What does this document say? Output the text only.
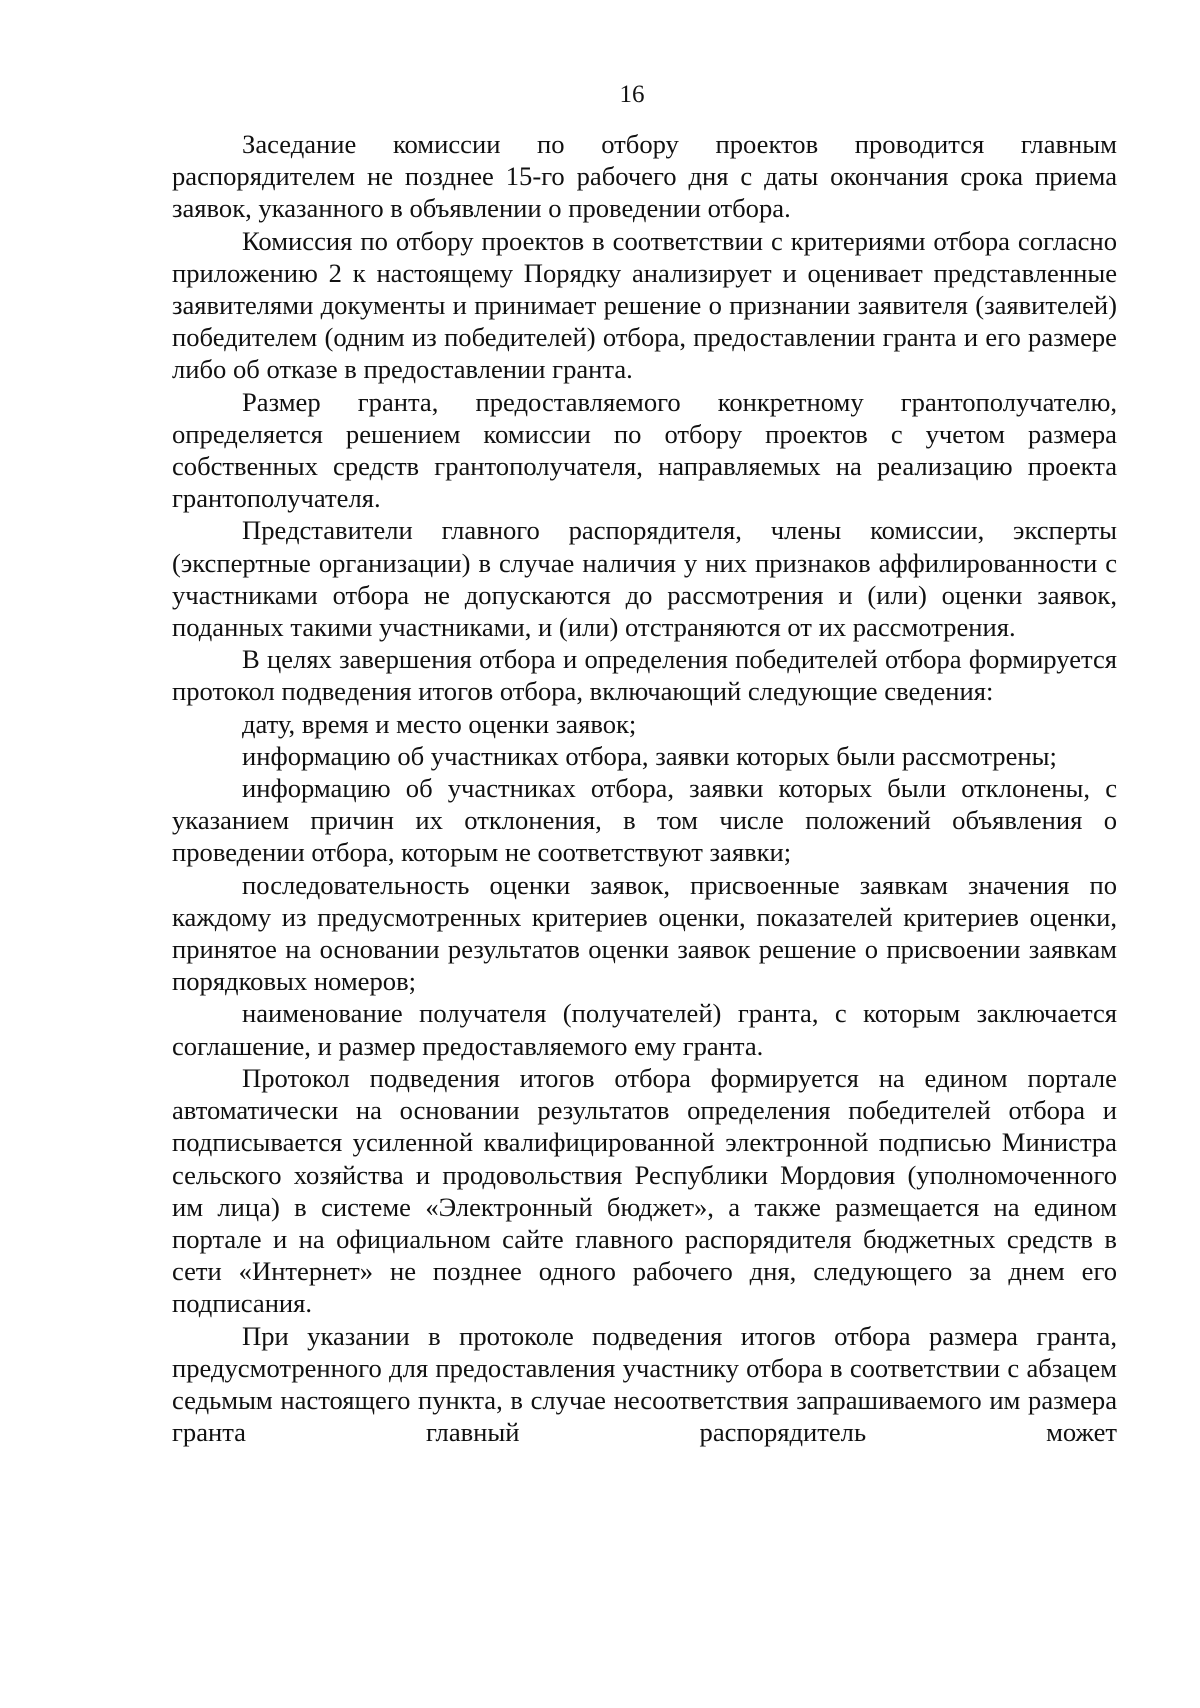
16

Заседание комиссии по отбору проектов проводится главным распорядителем не позднее 15-го рабочего дня с даты окончания срока приема заявок, указанного в объявлении о проведении отбора.

Комиссия по отбору проектов в соответствии с критериями отбора согласно приложению 2 к настоящему Порядку анализирует и оценивает представленные заявителями документы и принимает решение о признании заявителя (заявителей) победителем (одним из победителей) отбора, предоставлении гранта и его размере либо об отказе в предоставлении гранта.

Размер гранта, предоставляемого конкретному грантополучателю, определяется решением комиссии по отбору проектов с учетом размера собственных средств грантополучателя, направляемых на реализацию проекта грантополучателя.

Представители главного распорядителя, члены комиссии, эксперты (экспертные организации) в случае наличия у них признаков аффилированности с участниками отбора не допускаются до рассмотрения и (или) оценки заявок, поданных такими участниками, и (или) отстраняются от их рассмотрения.

В целях завершения отбора и определения победителей отбора формируется протокол подведения итогов отбора, включающий следующие сведения:

дату, время и место оценки заявок;

информацию об участниках отбора, заявки которых были рассмотрены;

информацию об участниках отбора, заявки которых были отклонены, с указанием причин их отклонения, в том числе положений объявления о проведении отбора, которым не соответствуют заявки;

последовательность оценки заявок, присвоенные заявкам значения по каждому из предусмотренных критериев оценки, показателей критериев оценки, принятое на основании результатов оценки заявок решение о присвоении заявкам порядковых номеров;

наименование получателя (получателей) гранта, с которым заключается соглашение, и размер предоставляемого ему гранта.

Протокол подведения итогов отбора формируется на едином портале автоматически на основании результатов определения победителей отбора и подписывается усиленной квалифицированной электронной подписью Министра сельского хозяйства и продовольствия Республики Мордовия (уполномоченного им лица) в системе «Электронный бюджет», а также размещается на едином портале и на официальном сайте главного распорядителя бюджетных средств в сети «Интернет» не позднее одного рабочего дня, следующего за днем его подписания.

При указании в протоколе подведения итогов отбора размера гранта, предусмотренного для предоставления участнику отбора в соответствии с абзацем седьмым настоящего пункта, в случае несоответствия запрашиваемого им размера гранта главный распорядитель может
